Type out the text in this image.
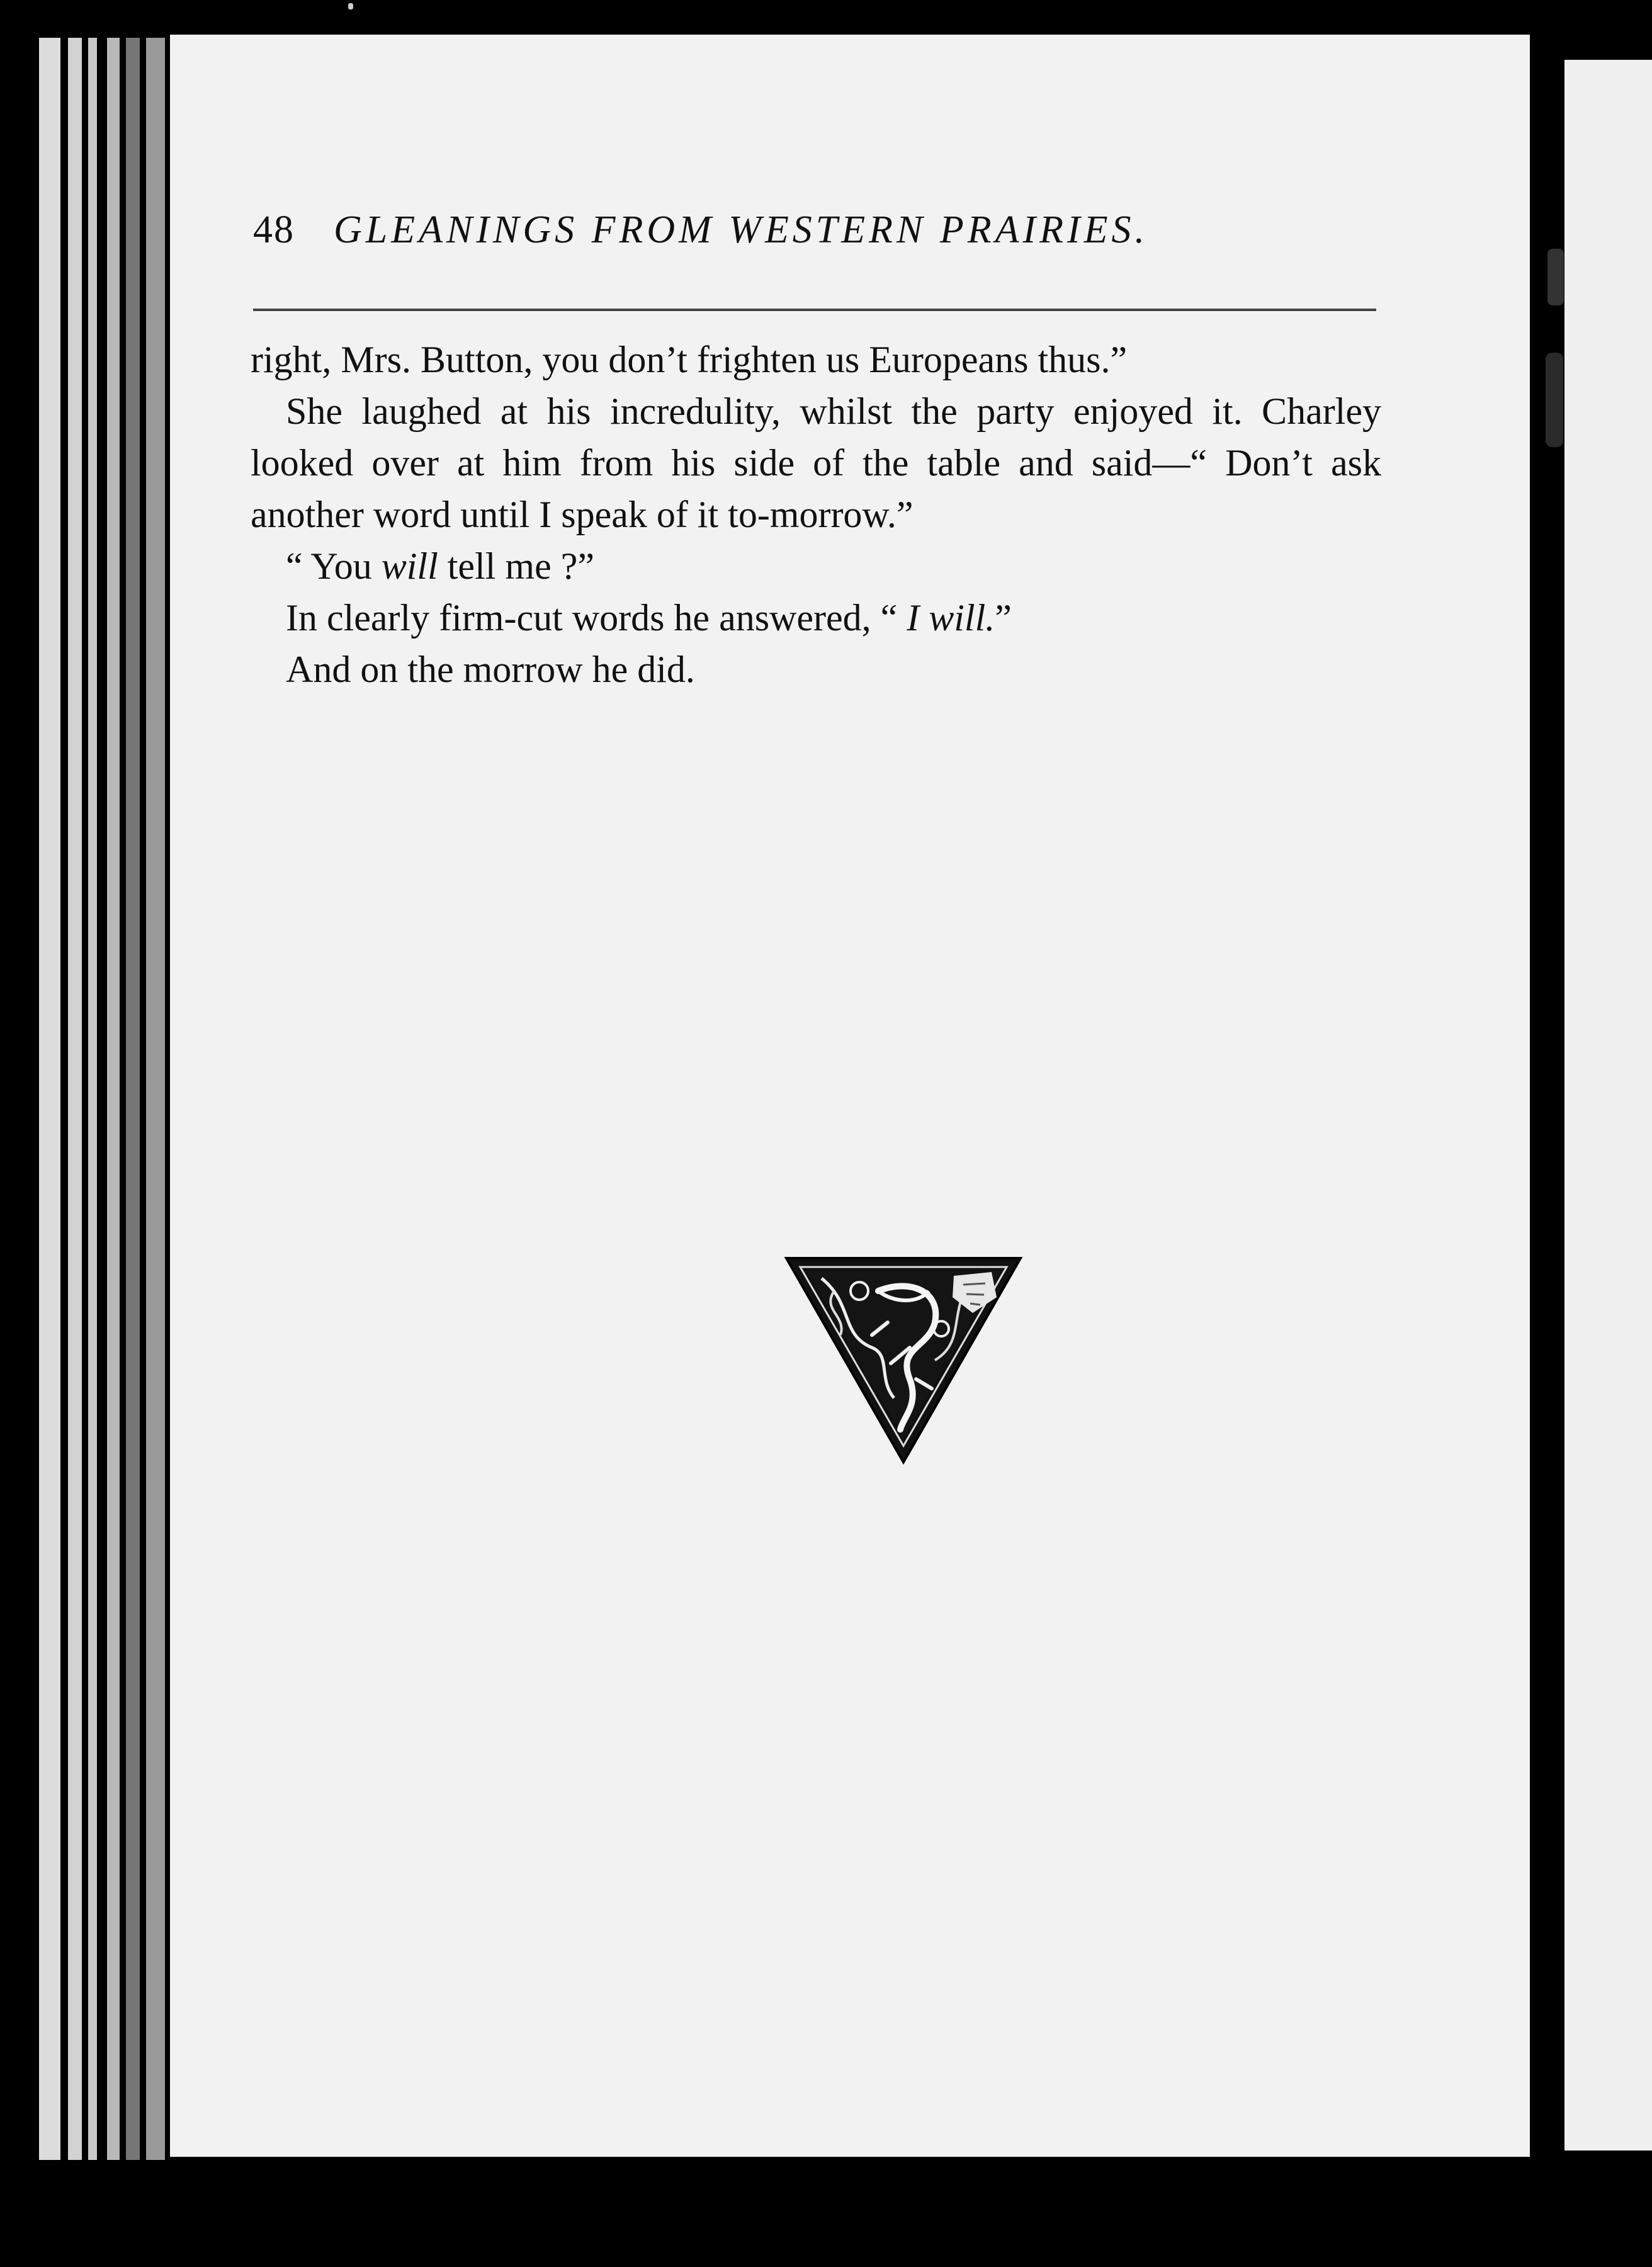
48 GLEANINGS FROM WESTERN PRAIRIES.

right, Mrs. Button, you don’t frighten us Europeans thus.”

She laughed at his incredulity, whilst the party enjoyed it. Charley looked over at him from his side of the table and said—“ Don’t ask another word until I speak of it to-morrow.”

“ You will tell me ?”

In clearly firm-cut words he answered, “ I will.”

And on the morrow he did.
